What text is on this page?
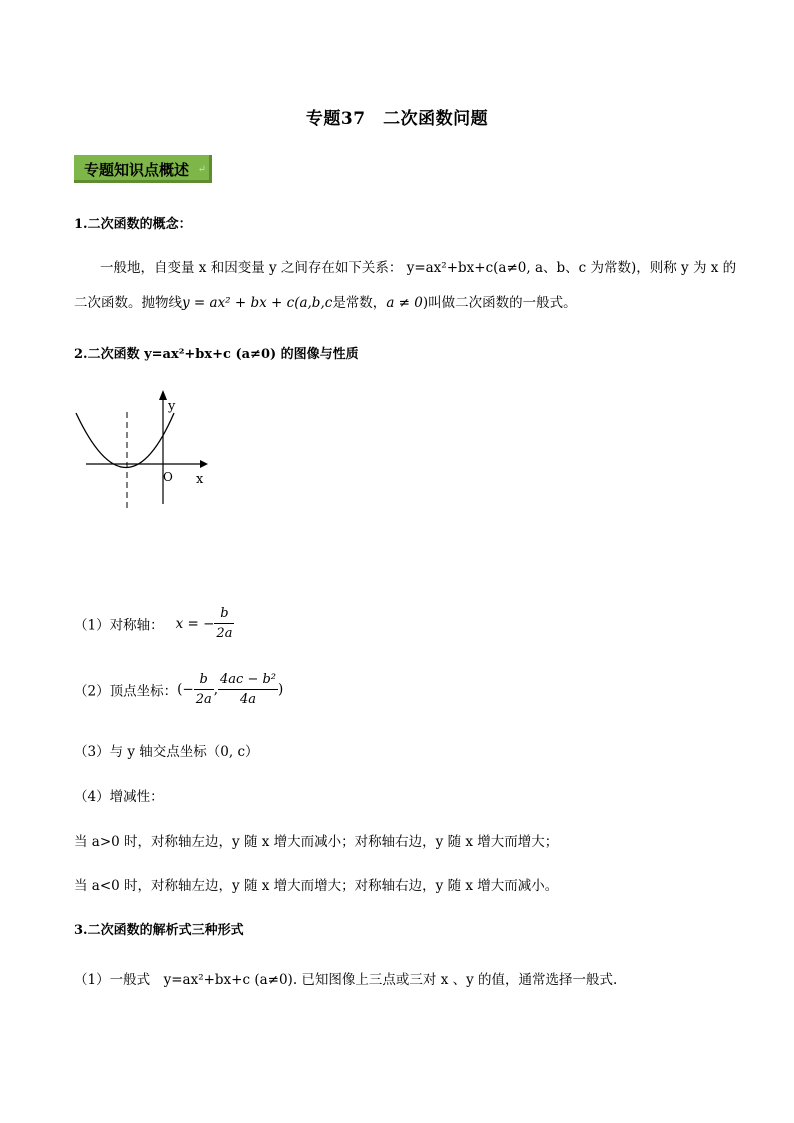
专题37　二次函数问题
专题知识点概述 ↵
1.二次函数的概念：
一般地，自变量 x 和因变量 y 之间存在如下关系： y=ax²+bx+c(a≠0, a、b、c 为常数)，则称 y 为 x 的
二次函数。抛物线y = ax² + bx + c(a,b,c是常数，a ≠ 0)叫做二次函数的一般式。
2.二次函数 y=ax²+bx+c (a≠0) 的图像与性质
y
x
O
（1）对称轴： x = − $\frac{b}{2a}$
（2）顶点坐标：(− $\frac{b}{2a}$ , $\frac{\text{4ac − b²}}{4a}$ )
（3）与 y 轴交点坐标（0, c）
（4）增减性：
当 a>0 时，对称轴左边，y 随 x 增大而减小；对称轴右边，y 随 x 增大而增大；
当 a<0 时，对称轴左边，y 随 x 增大而增大；对称轴右边，y 随 x 增大而减小。
3.二次函数的解析式三种形式
（1）一般式　y=ax²+bx+c (a≠0). 已知图像上三点或三对 x 、y 的值，通常选择一般式.
